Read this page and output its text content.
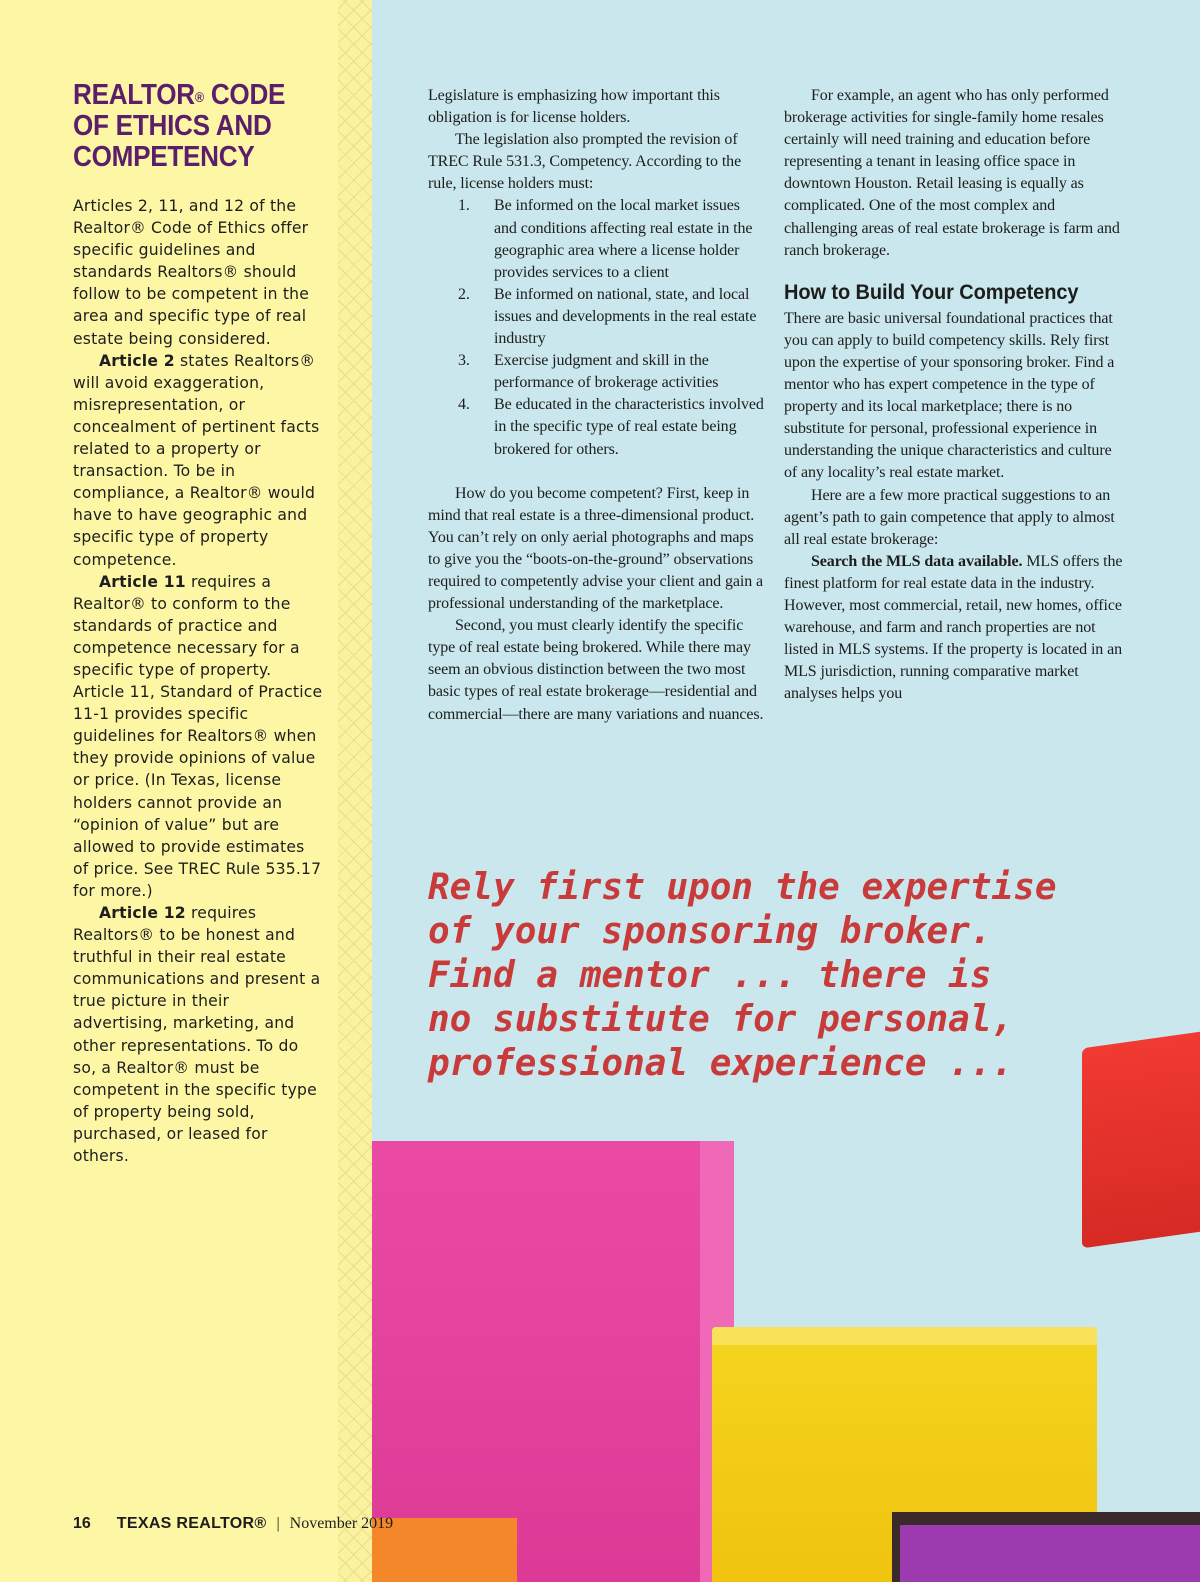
REALTOR® CODE
OF ETHICS AND
COMPETENCY

Articles 2, 11, and 12 of the Realtor® Code of Ethics offer specific guidelines and standards Realtors® should follow to be competent in the area and specific type of real estate being considered.

Article 2 states Realtors® will avoid exaggeration, misrepresentation, or concealment of pertinent facts related to a property or transaction. To be in compliance, a Realtor® would have to have geographic and specific type of property competence.

Article 11 requires a Realtor® to conform to the standards of practice and competence necessary for a specific type of property. Article 11, Standard of Practice 11-1 provides specific guidelines for Realtors® when they provide opinions of value or price. (In Texas, license holders cannot provide an “opinion of value” but are allowed to provide estimates of price. See TREC Rule 535.17 for more.)

Article 12 requires Realtors® to be honest and truthful in their real estate communications and present a true picture in their advertising, marketing, and other representations. To do so, a Realtor® must be competent in the specific type of property being sold, purchased, or leased for others.

Legislature is emphasizing how important this obligation is for license holders.

The legislation also prompted the revision of TREC Rule 531.3, Competency. According to the rule, license holders must:

1. Be informed on the local market issues and conditions affecting real estate in the geographic area where a license holder provides services to a client
2. Be informed on national, state, and local issues and developments in the real estate industry
3. Exercise judgment and skill in the performance of brokerage activities
4. Be educated in the characteristics involved in the specific type of real estate being brokered for others.

How do you become competent? First, keep in mind that real estate is a three-dimensional product. You can’t rely on only aerial photographs and maps to give you the “boots-on-the-ground” observations required to competently advise your client and gain a professional understanding of the marketplace.

Second, you must clearly identify the specific type of real estate being brokered. While there may seem an obvious distinction between the two most basic types of real estate brokerage—residential and commercial—there are many variations and nuances.

For example, an agent who has only performed brokerage activities for single-family home resales certainly will need training and education before representing a tenant in leasing office space in downtown Houston. Retail leasing is equally as complicated. One of the most complex and challenging areas of real estate brokerage is farm and ranch brokerage.

How to Build Your Competency

There are basic universal foundational practices that you can apply to build competency skills. Rely first upon the expertise of your sponsoring broker. Find a mentor who has expert competence in the type of property and its local marketplace; there is no substitute for personal, professional experience in understanding the unique characteristics and culture of any locality’s real estate market.

Here are a few more practical suggestions to an agent’s path to gain competence that apply to almost all real estate brokerage:

Search the MLS data available. MLS offers the finest platform for real estate data in the industry. However, most commercial, retail, new homes, office warehouse, and farm and ranch properties are not listed in MLS systems. If the property is located in an MLS jurisdiction, running comparative market analyses helps you

Rely first upon the expertise
of your sponsoring broker.
Find a mentor ... there is
no substitute for personal,
professional experience ...

16 TEXAS REALTOR® | November 2019
